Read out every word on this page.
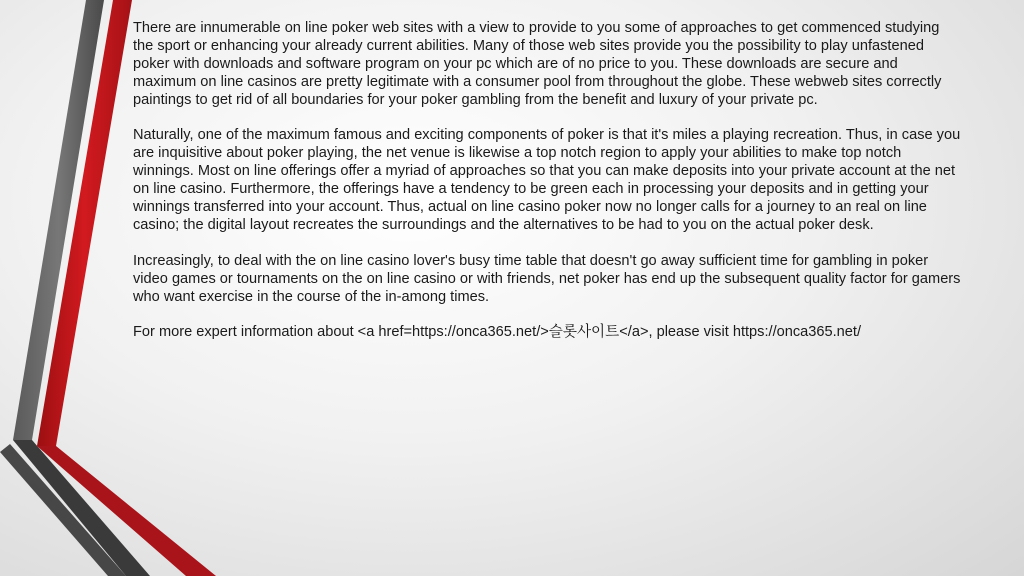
There are innumerable on line poker web sites with a view to provide to you some of approaches to get commenced studying the sport or enhancing your already current abilities. Many of those web sites provide you the possibility to play unfastened poker with downloads and software program on your pc which are of no price to you. These downloads are secure and maximum on line casinos are pretty legitimate with a consumer pool from throughout the globe. These webweb sites correctly paintings to get rid of all boundaries for your poker gambling from the benefit and luxury of your private pc.

Naturally, one of the maximum famous and exciting components of poker is that it's miles a playing recreation. Thus, in case you are inquisitive about poker playing, the net venue is likewise a top notch region to apply your abilities to make top notch winnings. Most on line offerings offer a myriad of approaches so that you can make deposits into your private account at the net on line casino. Furthermore, the offerings have a tendency to be green each in processing your deposits and in getting your winnings transferred into your account. Thus, actual on line casino poker now no longer calls for a journey to an real on line casino; the digital layout recreates the surroundings and the alternatives to be had to you on the actual poker desk.

Increasingly, to deal with the on line casino lover's busy time table that doesn't go away sufficient time for gambling in poker video games or tournaments on the on line casino or with friends, net poker has end up the subsequent quality factor for gamers who want exercise in the course of the in-among times.

For more expert information about <a href=https://onca365.net/>슬롯사이트</a>, please visit https://onca365.net/
